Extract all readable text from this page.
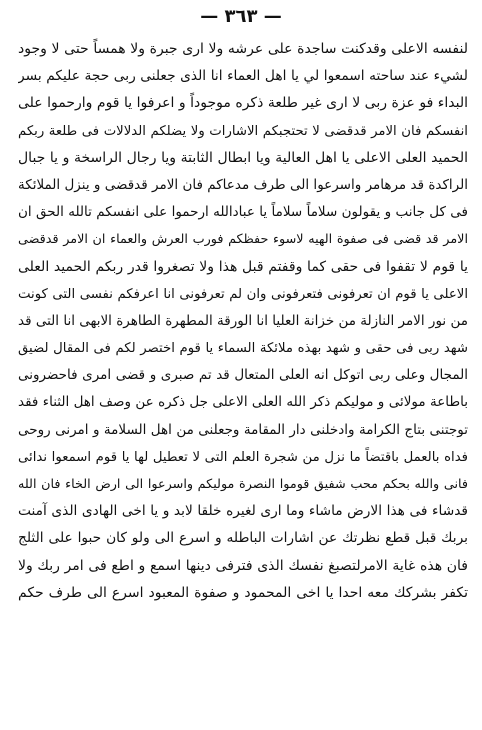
— ٣٦٣ —
لنفسه الاعلى وقدكنت ساجدة على عرشه ولا ارى جبرة ولا همساً حتى لا وجود
لشيء عند ساحته اسمعوا لي يا اهل العماء انا الذى جعلنى ربى حجة عليكم بسر
البداء فو عزة ربى لا ارى غير طلعة ذكره موجوداً و اعرفوا يا قوم وارحموا على
انفسكم فان الامر قدقضى لا تحتجبكم الاشارات ولا يضلكم الدلالات فى طلعة ربكم
الحميد العلى الاعلى يا اهل العالية ويا ابطال الثابتة ويا رجال الراسخة و يا جبال
الراكدة قد مرهامر واسرعوا الى طرف مدعاكم فان الامر قدقضى و ينزل الملائكة
فى كل جانب و يقولون سلاماً سلاماً يا عبادالله ارحموا على انفسكم تالله الحق ان
الامر قد قضى فى صفوة الهيه لاسوء حفظكم فورب العرش والعماء ان الامر قدقضى
يا قوم لا تقفوا فى حقى كما وقفتم قبل هذا ولا تصغروا قدر ربكم الحميد العلى
الاعلى يا قوم ان تعرفونى فتعرفونى وان لم تعرفونى انا اعرفكم نفسى التى كونت
من نور الامر النازلة من خزانة العليا انا الورقة المطهرة الطاهرة الابهى انا التى قد
شهد ربى فى حقى و شهد بهذه ملائكة السماء يا قوم اختصر لكم فى المقال لضيق
المجال وعلى ربى اتوكل انه العلى المتعال قد تم صبرى و قضى امرى فاحضرونى
باطاعة مولائى و موليكم ذكر الله العلى الاعلى جل ذكره عن وصف اهل الثناء فقد
توجتنى بتاج الكرامة وادخلنى دار المقامة وجعلنى من اهل السلامة و امرنى روحى
فداه بالعمل باقتضاً ما نزل من شجرة العلم التى لا تعطيل لها يا قوم اسمعوا ندائى
فانى والله بحكم محب شفيق قوموا النصرة موليكم واسرعوا الى ارض الخاء فان الله
قدشاء فى هذا الارض ماشاء وما ارى لغيره خلقا لابد و يا اخى الهادى الذى آمنت
بربك قبل قطع نظرتك عن اشارات الباطله و اسرع الى ولو كان حبوا على الثلج
فان هذه غاية الامرلتصبغ نفسك الذى فترفى دينها اسمع و اطع فى امر ربك ولا
تكفر بشركك معه احدا يا اخى المحمود و صفوة المعبود اسرع الى طرف حكم
